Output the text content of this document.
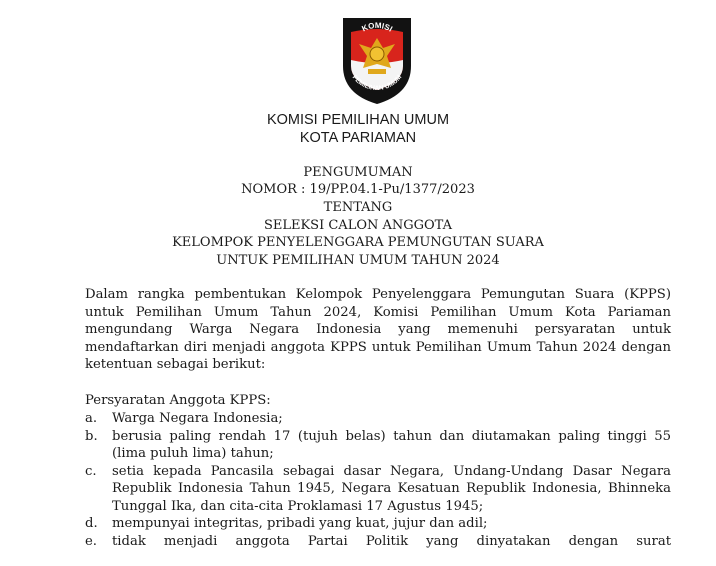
KOMISI
PEMILIHAN UMUM
KOMISI PEMILIHAN UMUM
KOTA PARIAMAN
PENGUMUMAN
NOMOR : 19/PP.04.1-Pu/1377/2023
TENTANG
SELEKSI CALON ANGGOTA
KELOMPOK PENYELENGGARA PEMUNGUTAN SUARA
UNTUK PEMILIHAN UMUM TAHUN 2024
Dalam rangka pembentukan Kelompok Penyelenggara Pemungutan Suara (KPPS) untuk Pemilihan Umum Tahun 2024, Komisi Pemilihan Umum Kota Pariaman mengundang Warga Negara Indonesia yang memenuhi persyaratan untuk mendaftarkan diri menjadi anggota KPPS untuk Pemilihan Umum Tahun 2024 dengan ketentuan sebagai berikut:
Persyaratan Anggota KPPS:
a. Warga Negara Indonesia;
b. berusia paling rendah 17 (tujuh belas) tahun dan diutamakan paling tinggi 55 (lima puluh lima) tahun;
c. setia kepada Pancasila sebagai dasar Negara, Undang-Undang Dasar Negara Republik Indonesia Tahun 1945, Negara Kesatuan Republik Indonesia, Bhinneka Tunggal Ika, dan cita-cita Proklamasi 17 Agustus 1945;
d. mempunyai integritas, pribadi yang kuat, jujur dan adil;
e. tidak menjadi anggota Partai Politik yang dinyatakan dengan surat
